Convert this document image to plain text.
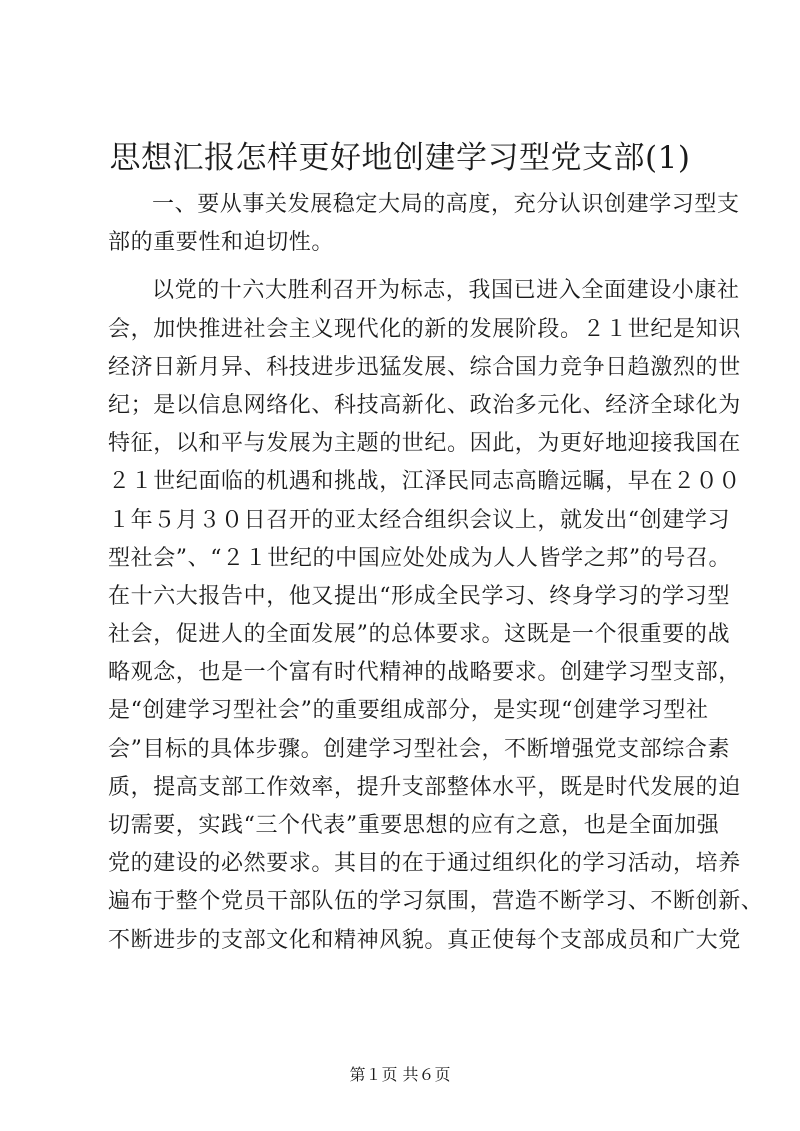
思想汇报怎样更好地创建学习型党支部(1)
一、要从事关发展稳定大局的高度，充分认识创建学习型支
部的重要性和迫切性。
以党的十六大胜利召开为标志，我国已进入全面建设小康社
会，加快推进社会主义现代化的新的发展阶段。２１世纪是知识
经济日新月异、科技进步迅猛发展、综合国力竞争日趋激烈的世
纪；是以信息网络化、科技高新化、政治多元化、经济全球化为
特征，以和平与发展为主题的世纪。因此，为更好地迎接我国在
２１世纪面临的机遇和挑战，江泽民同志高瞻远瞩，早在２００
１年５月３０日召开的亚太经合组织会议上，就发出“创建学习
型社会”、“２１世纪的中国应处处成为人人皆学之邦”的号召。
在十六大报告中，他又提出“形成全民学习、终身学习的学习型
社会，促进人的全面发展”的总体要求。这既是一个很重要的战
略观念，也是一个富有时代精神的战略要求。创建学习型支部，
是“创建学习型社会”的重要组成部分，是实现“创建学习型社
会”目标的具体步骤。创建学习型社会，不断增强党支部综合素
质，提高支部工作效率，提升支部整体水平，既是时代发展的迫
切需要，实践“三个代表”重要思想的应有之意，也是全面加强
党的建设的必然要求。其目的在于通过组织化的学习活动，培养
遍布于整个党员干部队伍的学习氛围，营造不断学习、不断创新、
不断进步的支部文化和精神风貌。真正使每个支部成员和广大党
第１页 共６页
